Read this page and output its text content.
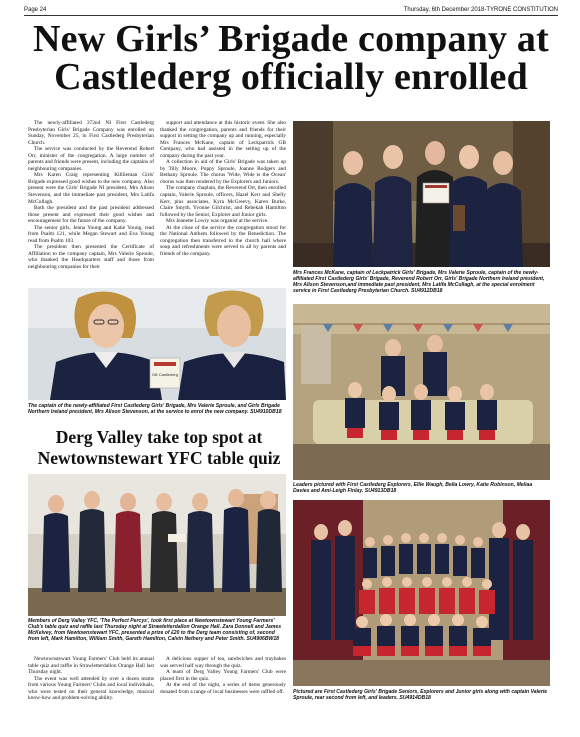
Page 24	Thursday, 6th December 2018-TYRONE CONSTITUTION
New Girls’ Brigade company at
Castlederg officially enrolled

The newly-affiliated 372nd NI First Castlederg Presbyterian Girls' Brigade Company was enrolled on Sunday, November 25, in First Castlederg Presbyterian Church.

The service was conducted by the Reverend Robert Orr, minister of the congregation. A large number of parents and friends were present, including the captains of neighbouring companies.

Mrs Karen Craig representing Killileman Girls' Brigade expressed good wishes to the new company. Also present were the Girls' Brigade NI president, Mrs Alison Stevenson, and the immediate past president, Mrs Latifa McCullagh.

Both the president and the past president addressed those present and expressed their good wishes and encouragement for the future of the company.

The senior girls, Jenna Young and Katie Young, read from Psalm 121, while Megan Stewart and Eva Young read from Psalm 103.

The president then presented the Certificate of Affiliation to the company captain, Mrs Valerie Sproule, who thanked the Headquarters staff and those from neighbouring companies for their

support and attendance at this historic event. She also thanked the congregation, parents and friends for their support in setting the company up and running, especially Mrs Frances McKane, captain of Leckpatrick GB Company, who had assisted in the setting up of the company during the past year.

A collection in aid of the Girls' Brigade was taken up by Tilly Moore, Poppy Sproule, Joanne Rodgers and Bethany Sproule. The chorus 'Wide, Wide is the Ocean' chorus was then rendered by the Explorers and Juniors.

The company chaplain, the Reverend Orr, then enrolled captain, Valerie Sproule, officers, Hazel Kerr and Shelly Kerr, plus associates, Kyra McGreevy, Karen Burke, Claire Smyth, Yvonne Gilchrist, and Rebekah Hamilton followed by the Senior, Explorer and Junior girls.

Mrs Jeanette Lowry was organist at the service.

At the close of the service the congregation stood for the National Anthem followed by the Benediction. The congregation then transferred to the church hall where soup and refreshments were served to all by parents and friends of the company.

Mrs Frances McKane, captain of Leckpatrick Girls' Brigade, Mrs Valerie Sproule, captain of the newly-affiliated First Castlederg Girls' Brigade, Reverend Robert Orr, Girls' Brigade Northern Ireland president, Mrs Alison Stevenson,and immediate past president, Mrs Latifa McCullagh, at the special enrolment service in First Castlederg Presbyterian Church. SU4912DB18
GB Castlederg
The captain of the newly-affiliated First Castlederg Girls' Brigade, Mrs Valerie Sproule, and Girls Brigade Northern Ireland president, Mrs Alison Stevenson, at the service to enrol the new company. SU4910DB18
Leaders pictured with First Castlederg Explorers, Ellie Waugh, Bella Lowry, Katie Robinson, Meliaa Davies and Ami-Leigh Finlay. SU4913DB18
Pictured are First Castlederg Girls' Brigade Seniors, Explorers and Junior girls along with captain Valerie Sproule, rear second from left, and leaders. SU4914DB18
Derg Valley take top spot at
Newtownstewart YFC table quiz
Members of Derg Valley YFC, 'The Perfect Percys', took first place at Newtownstewart Young Farmers' Club's table quiz and raffle last Thursday night at Strawletterdallon Orange Hall. Zara Donnell and James McKelvey, from Newtownstewart YFC, presented a prize of £20 to the Derg team consisting of, second from left, Mark Hamilton, William Smith, Gareth Hamilton, Calvin Nethery and Peter Smith. SU4906BW18

Newtownstewart Young Farmers' Club held its annual table quiz and raffle in Strawletterdallon Orange Hall last Thursday night.

The event was well attended by over a dozen teams from various Young Farmers' Clubs and local individuals, who were tested on their general knowledge, musical know-how and problem-solving ability.

A delicious supper of tea, sandwiches and traybakes was served half way through the quiz.

A team of Derg Valley Young Farmers' Club were placed first in the quiz.

At the end of the night, a series of items generously donated from a range of local businesses were raffled off.
